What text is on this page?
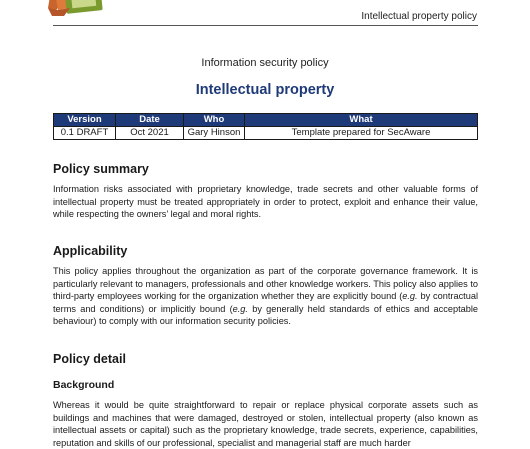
Intellectual property policy
Information security policy
Intellectual property
Version	Date	Who	What
0.1 DRAFT	Oct 2021	Gary Hinson	Template prepared for SecAware
Policy summary

Information risks associated with proprietary knowledge, trade secrets and other valuable forms of intellectual property must be treated appropriately in order to protect, exploit and enhance their value, while respecting the owners’ legal and moral rights.

Applicability

This policy applies throughout the organization as part of the corporate governance framework. It is particularly relevant to managers, professionals and other knowledge workers. This policy also applies to third-party employees working for the organization whether they are explicitly bound (e.g. by contractual terms and conditions) or implicitly bound (e.g. by generally held standards of ethics and acceptable behaviour) to comply with our information security policies.

Policy detail
Background

Whereas it would be quite straightforward to repair or replace physical corporate assets such as buildings and machines that were damaged, destroyed or stolen, intellectual property (also known as intellectual assets or capital) such as the proprietary knowledge, trade secrets, experience, capabilities, reputation and skills of our professional, specialist and managerial staff are much harder
